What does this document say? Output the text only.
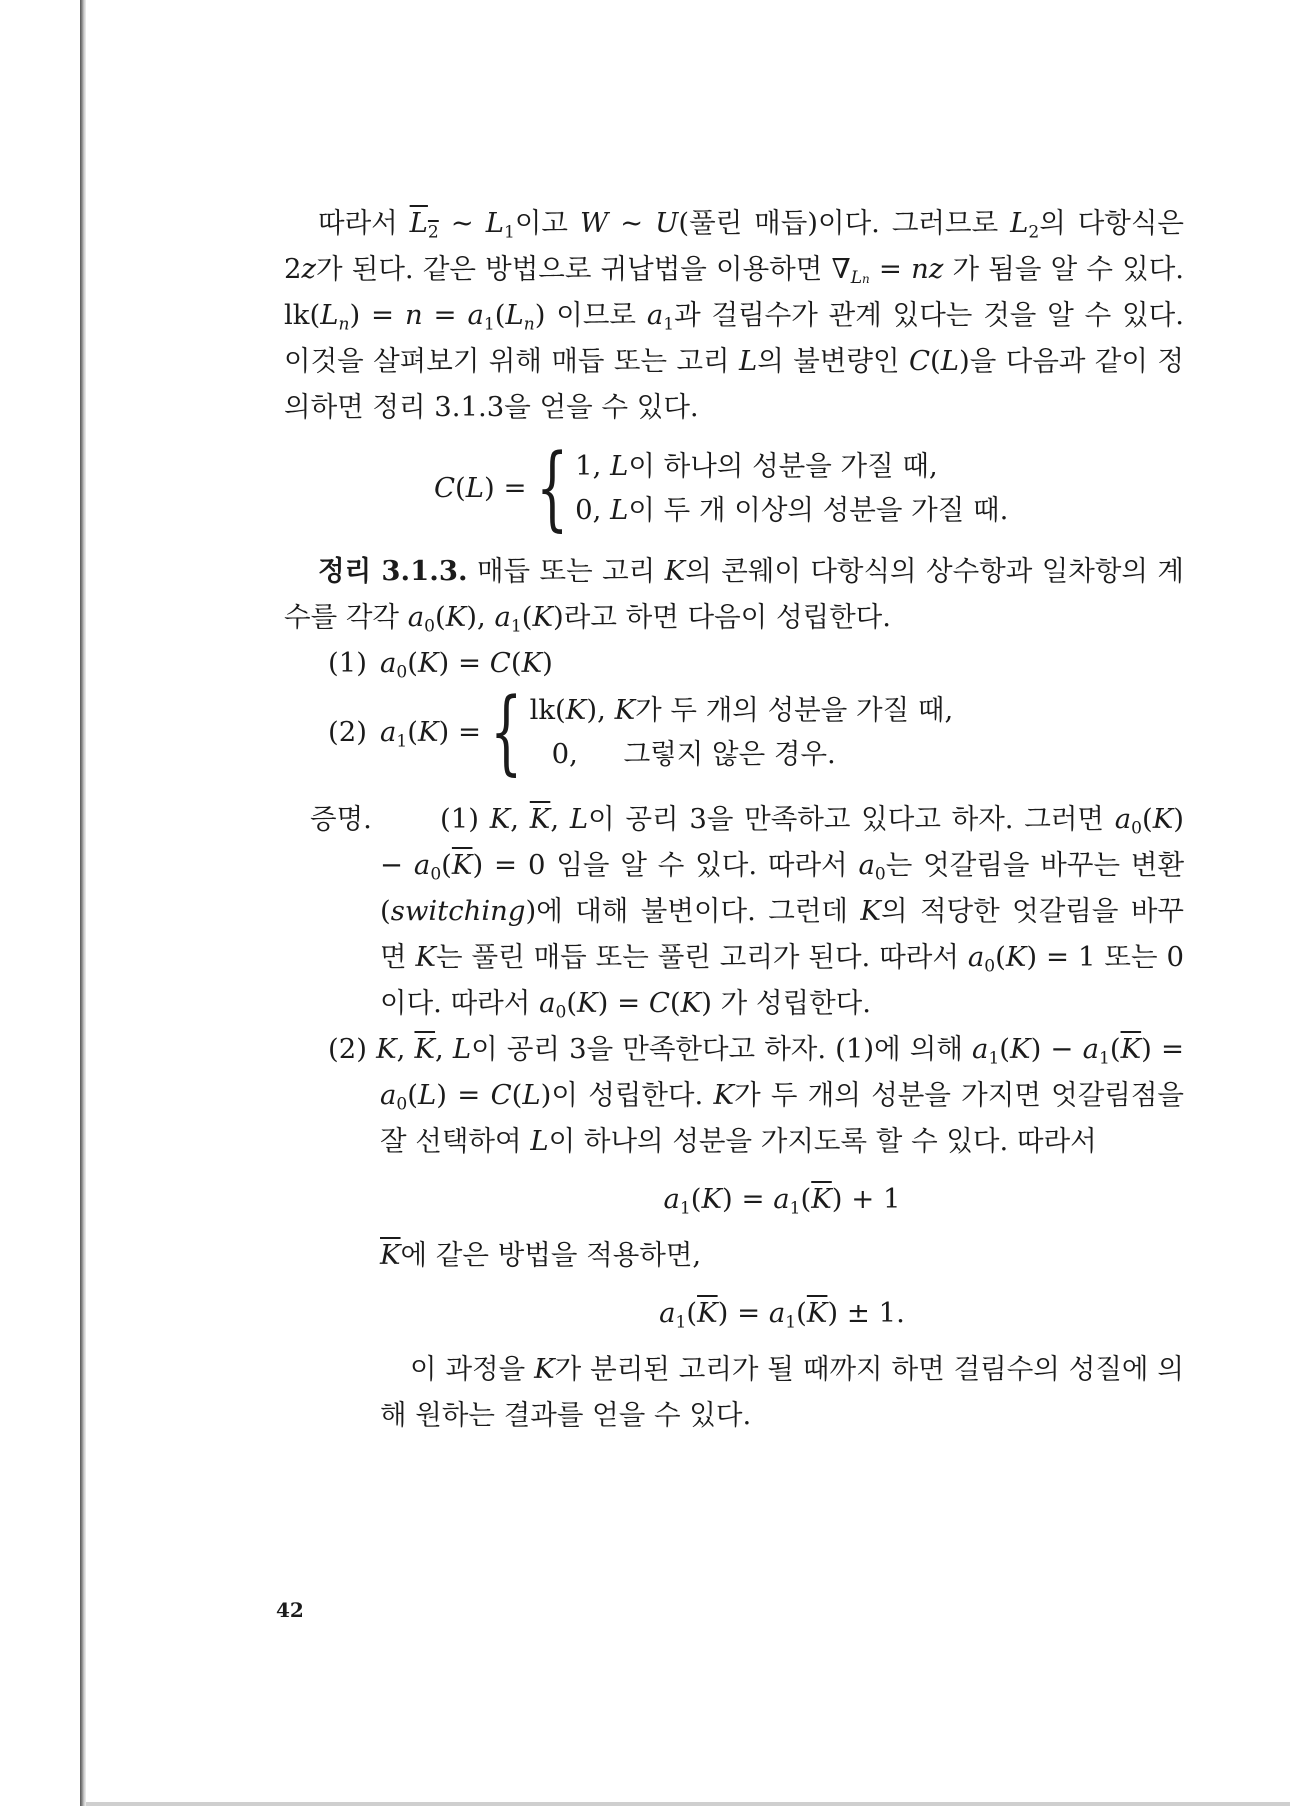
따라서 $L_2$ ~ $L_1$이고 W ~ U(풀린 매듭)이다. 그러므로 $L_2$의 다항식은 2z가 된다. 같은 방법으로 귀납법을 이용하면 $\nabla_{Ln}$ = nz 가 됨을 알 수 있다. $lk(L_n) = n = a_1(L_n)$ 이므로 $a_1$과 걸림수가 관계 있다는 것을 알 수 있다. 이것을 살펴보기 위해 매듭 또는 고리 L의 불변량인 C(L)을 다음과 같이 정의하면 정리 3.1.3을 얻을 수 있다.

C(L) = { 1, L이 하나의 성분을 가질 때,
0, L이 두 개 이상의 성분을 가질 때.

정리 3.1.3. 매듭 또는 고리 K의 콘웨이 다항식의 상수항과 일차항의 계수를 각각 $a_0(K)$, $a_1(K)$라고 하면 다음이 성립한다.

(1) $a_0(K) = C(K)$
(2) $a_1(K)$ = { lk(K), K가 두 개의 성분을 가질 때,
0, 그렇지 않은 경우.

증명. (1) K, $\overline{K}$, L이 공리 3을 만족하고 있다고 하자. 그러면 $a_0(K) - a_0(\overline{K}) = 0$ 임을 알 수 있다. 따라서 $a_0$는 엇갈림을 바꾸는 변환(switching)에 대해 불변이다. 그런데 K의 적당한 엇갈림을 바꾸면 K는 풀린 매듭 또는 풀린 고리가 된다. 따라서 $a_0(K) = 1$ 또는 0이다. 따라서 $a_0(K) = C(K)$ 가 성립한다.

(2) K, $\overline{K}$, L이 공리 3을 만족한다고 하자. (1)에 의해 $a_1(K) - a_1(\overline{K}) = a_0(L) = C(L)$이 성립한다. K가 두 개의 성분을 가지면 엇갈림점을 잘 선택하여 L이 하나의 성분을 가지도록 할 수 있다. 따라서

$a_1(K) = a_1(\overline{K}) + 1$

$\overline{K}$에 같은 방법을 적용하면,

$a_1(\overline{K}) = a_1(\overline{K}) \pm 1$.

이 과정을 K가 분리된 고리가 될 때까지 하면 걸림수의 성질에 의해 원하는 결과를 얻을 수 있다.

42
